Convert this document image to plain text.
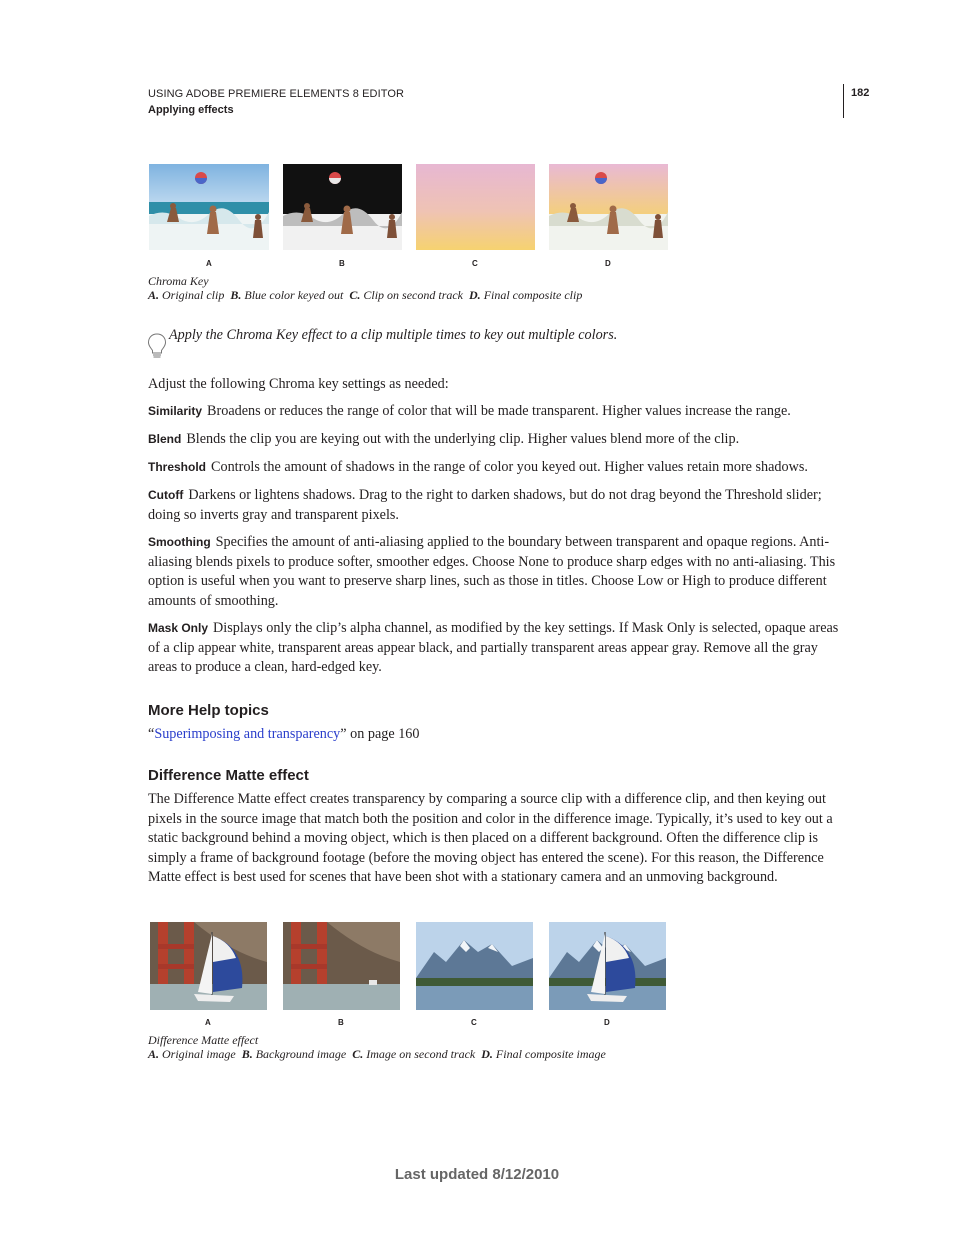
USING ADOBE PREMIERE ELEMENTS 8 EDITOR
Applying effects
182
A	B	C	D
Chroma Key
A. Original clip B. Blue color keyed out C. Clip on second track D. Final composite clip
Apply the Chroma Key effect to a clip multiple times to key out multiple colors.
Adjust the following Chroma key settings as needed:
Similarity Broadens or reduces the range of color that will be made transparent. Higher values increase the range.
Blend Blends the clip you are keying out with the underlying clip. Higher values blend more of the clip.
Threshold Controls the amount of shadows in the range of color you keyed out. Higher values retain more shadows.
Cutoff Darkens or lightens shadows. Drag to the right to darken shadows, but do not drag beyond the Threshold slider; doing so inverts gray and transparent pixels.
Smoothing Specifies the amount of anti-aliasing applied to the boundary between transparent and opaque regions. Anti-aliasing blends pixels to produce softer, smoother edges. Choose None to produce sharp edges with no anti-aliasing. This option is useful when you want to preserve sharp lines, such as those in titles. Choose Low or High to produce different amounts of smoothing.
Mask Only Displays only the clip’s alpha channel, as modified by the key settings. If Mask Only is selected, opaque areas of a clip appear white, transparent areas appear black, and partially transparent areas appear gray. Remove all the gray areas to produce a clean, hard-edged key.
More Help topics
“Superimposing and transparency” on page 160
Difference Matte effect
The Difference Matte effect creates transparency by comparing a source clip with a difference clip, and then keying out pixels in the source image that match both the position and color in the difference image. Typically, it’s used to key out a static background behind a moving object, which is then placed on a different background. Often the difference clip is simply a frame of background footage (before the moving object has entered the scene). For this reason, the Difference Matte effect is best used for scenes that have been shot with a stationary camera and an unmoving background.
A	B	C	D
Difference Matte effect
A. Original image B. Background image C. Image on second track D. Final composite image
Last updated 8/12/2010
